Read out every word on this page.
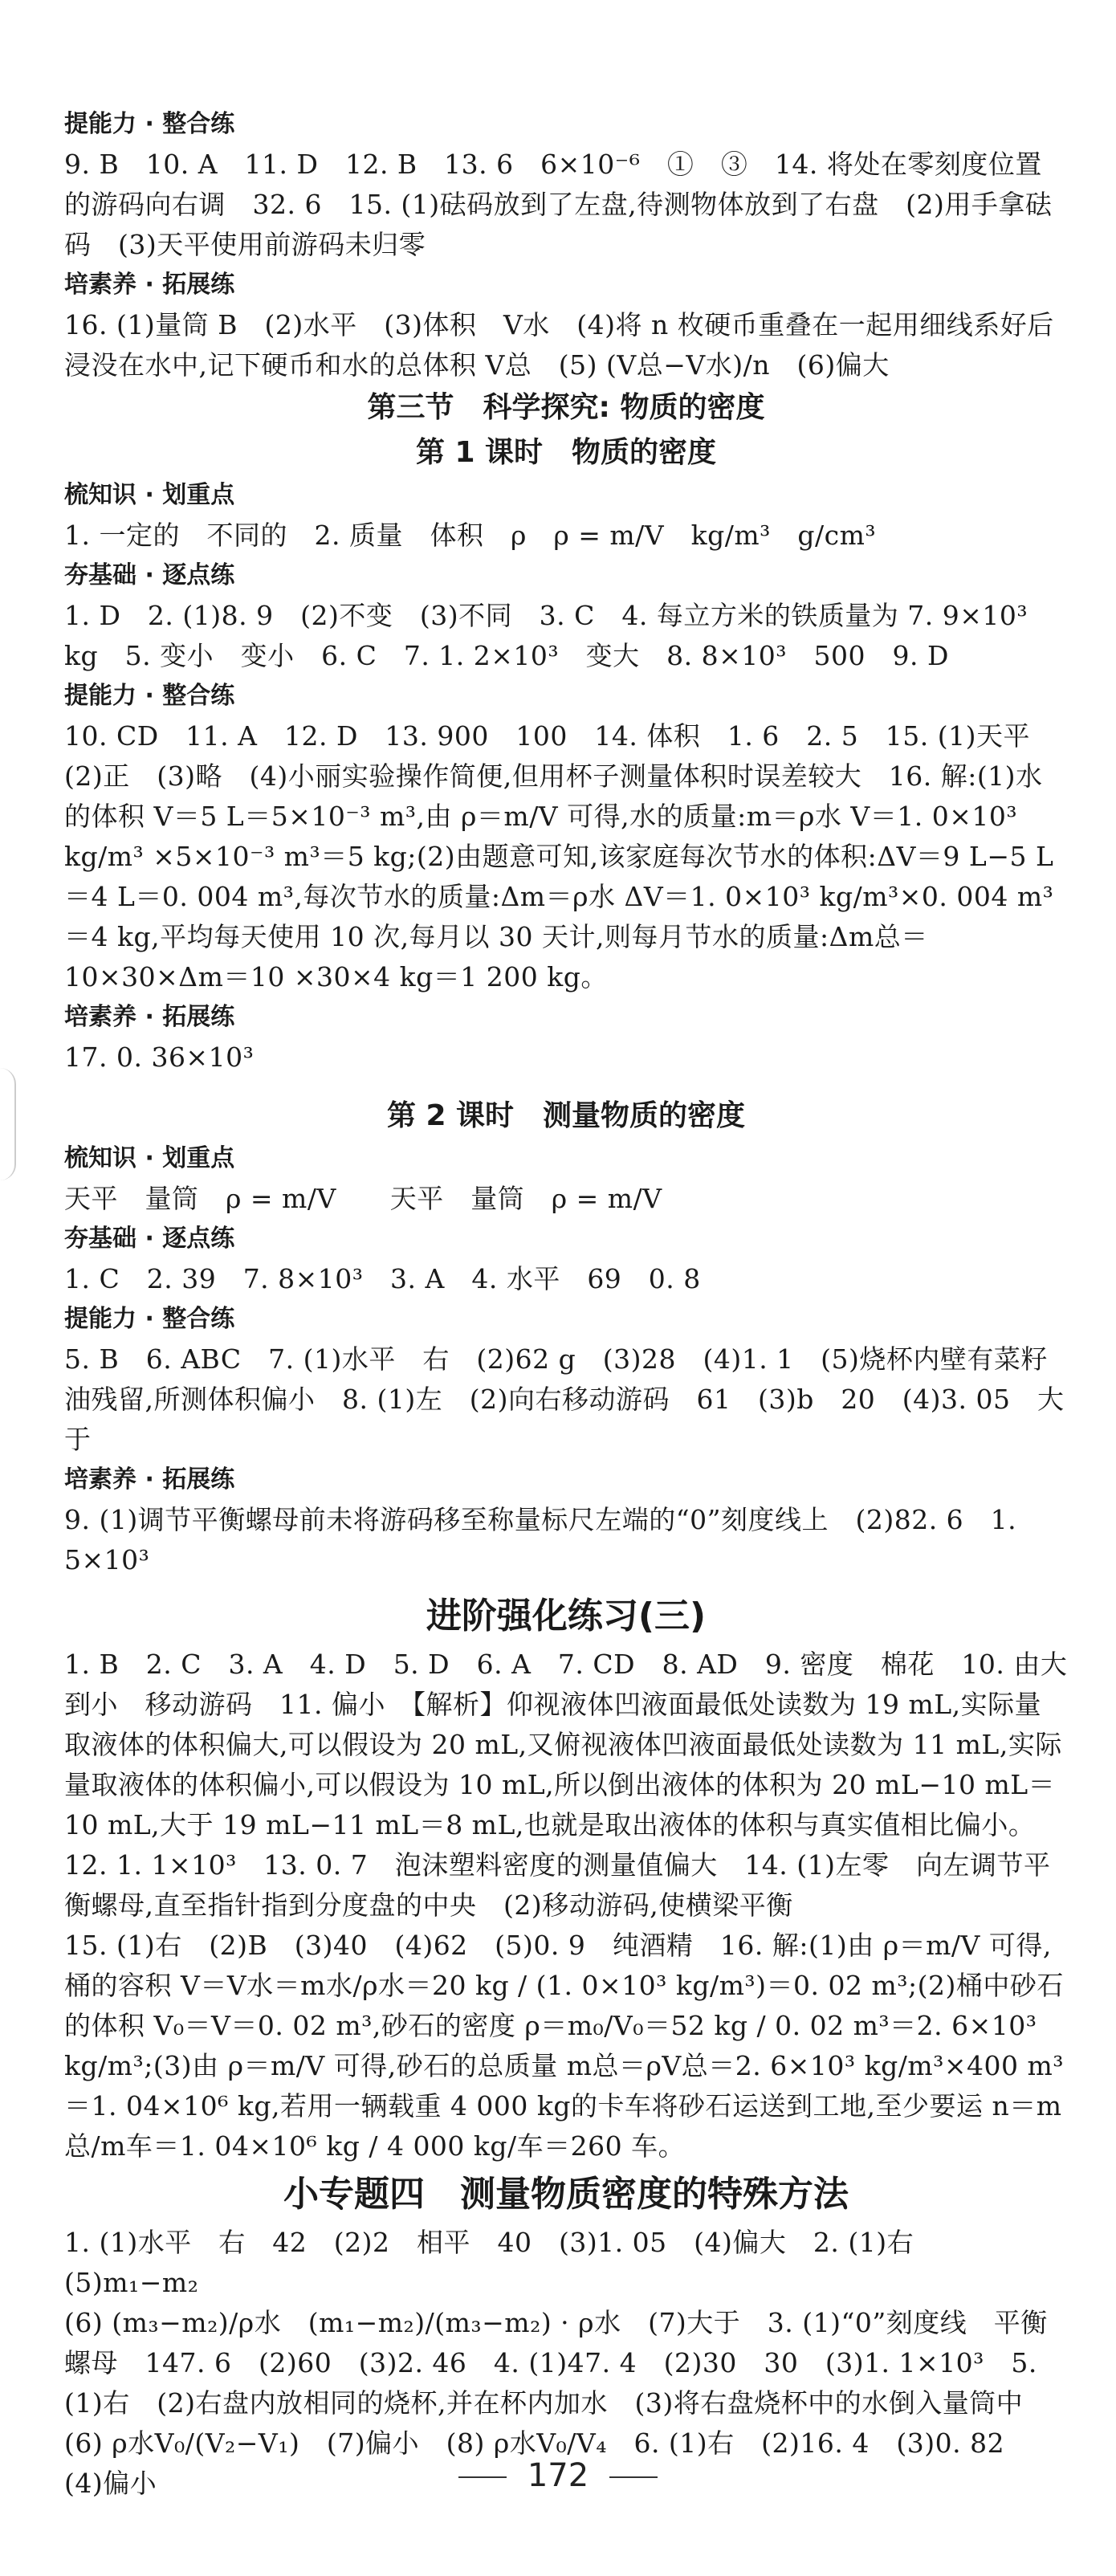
提能力 · 整合练
9. B　10. A　11. D　12. B　13. 6　6×10⁻⁶　①　③　14. 将处在零刻度位置的游码向右调　32. 6　15. (1)砝码放到了左盘,待测物体放到了右盘　(2)用手拿砝码　(3)天平使用前游码未归零
培素养 · 拓展练
16. (1)量筒 B　(2)水平　(3)体积　V水　(4)将 n 枚硬币重叠在一起用细线系好后浸没在水中,记下硬币和水的总体积 V总　(5) (V总−V水)/n　(6)偏大
第三节　科学探究: 物质的密度
第 1 课时　物质的密度
梳知识 · 划重点
1. 一定的　不同的　2. 质量　体积　ρ　ρ = m/V　kg/m³　g/cm³
夯基础 · 逐点练
1. D　2. (1)8. 9　(2)不变　(3)不同　3. C　4. 每立方米的铁质量为 7. 9×10³ kg　5. 变小　变小　6. C　7. 1. 2×10³　变大　8. 8×10³　500　9. D
提能力 · 整合练
10. CD　11. A　12. D　13. 900　100　14. 体积　1. 6　2. 5　15. (1)天平　(2)正　(3)略　(4)小丽实验操作简便,但用杯子测量体积时误差较大　16. 解:(1)水的体积 V＝5 L＝5×10⁻³ m³,由 ρ＝m/V 可得,水的质量:m＝ρ水 V＝1. 0×10³ kg/m³ ×5×10⁻³ m³＝5 kg;(2)由题意可知,该家庭每次节水的体积:ΔV＝9 L−5 L＝4 L＝0. 004 m³,每次节水的质量:Δm＝ρ水 ΔV＝1. 0×10³ kg/m³×0. 004 m³＝4 kg,平均每天使用 10 次,每月以 30 天计,则每月节水的质量:Δm总＝10×30×Δm＝10 ×30×4 kg＝1 200 kg。
培素养 · 拓展练
17. 0. 36×10³
第 2 课时　测量物质的密度
梳知识 · 划重点
天平　量筒　ρ = m/V　　天平　量筒　ρ = m/V
夯基础 · 逐点练
1. C　2. 39　7. 8×10³　3. A　4. 水平　69　0. 8
提能力 · 整合练
5. B　6. ABC　7. (1)水平　右　(2)62 g　(3)28　(4)1. 1　(5)烧杯内壁有菜籽油残留,所测体积偏小　8. (1)左　(2)向右移动游码　61　(3)b　20　(4)3. 05　大于
培素养 · 拓展练
9. (1)调节平衡螺母前未将游码移至称量标尺左端的“0”刻度线上　(2)82. 6　1. 5×10³
进阶强化练习(三)
1. B　2. C　3. A　4. D　5. D　6. A　7. CD　8. AD　9. 密度　棉花　10. 由大到小　移动游码　11. 偏小　【解析】仰视液体凹液面最低处读数为 19 mL,实际量取液体的体积偏大,可以假设为 20 mL,又俯视液体凹液面最低处读数为 11 mL,实际量取液体的体积偏小,可以假设为 10 mL,所以倒出液体的体积为 20 mL−10 mL＝10 mL,大于 19 mL−11 mL＝8 mL,也就是取出液体的体积与真实值相比偏小。　12. 1. 1×10³　13. 0. 7　泡沫塑料密度的测量值偏大　14. (1)左零　向左调节平衡螺母,直至指针指到分度盘的中央　(2)移动游码,使横梁平衡
15. (1)右　(2)B　(3)40　(4)62　(5)0. 9　纯酒精　16. 解:(1)由 ρ＝m/V 可得,桶的容积 V＝V水＝m水/ρ水＝20 kg / (1. 0×10³ kg/m³)＝0. 02 m³;(2)桶中砂石的体积 V₀＝V＝0. 02 m³,砂石的密度 ρ＝m₀/V₀＝52 kg / 0. 02 m³＝2. 6×10³ kg/m³;(3)由 ρ＝m/V 可得,砂石的总质量 m总＝ρV总＝2. 6×10³ kg/m³×400 m³＝1. 04×10⁶ kg,若用一辆载重 4 000 kg的卡车将砂石运送到工地,至少要运 n＝m总/m车＝1. 04×10⁶ kg / 4 000 kg/车＝260 车。
小专题四　测量物质密度的特殊方法
1. (1)水平　右　42　(2)2　相平　40　(3)1. 05　(4)偏大　2. (1)右　(5)m₁−m₂
(6) (m₃−m₂)/ρ水　(m₁−m₂)/(m₃−m₂) · ρ水　(7)大于　3. (1)“0”刻度线　平衡螺母　147. 6　(2)60　(3)2. 46　4. (1)47. 4　(2)30　30　(3)1. 1×10³　5. (1)右　(2)右盘内放相同的烧杯,并在杯内加水　(3)将右盘烧杯中的水倒入量筒中　(6) ρ水V₀/(V₂−V₁)　(7)偏小　(8) ρ水V₀/V₄　6. (1)右　(2)16. 4　(3)0. 82　(4)偏小	172
